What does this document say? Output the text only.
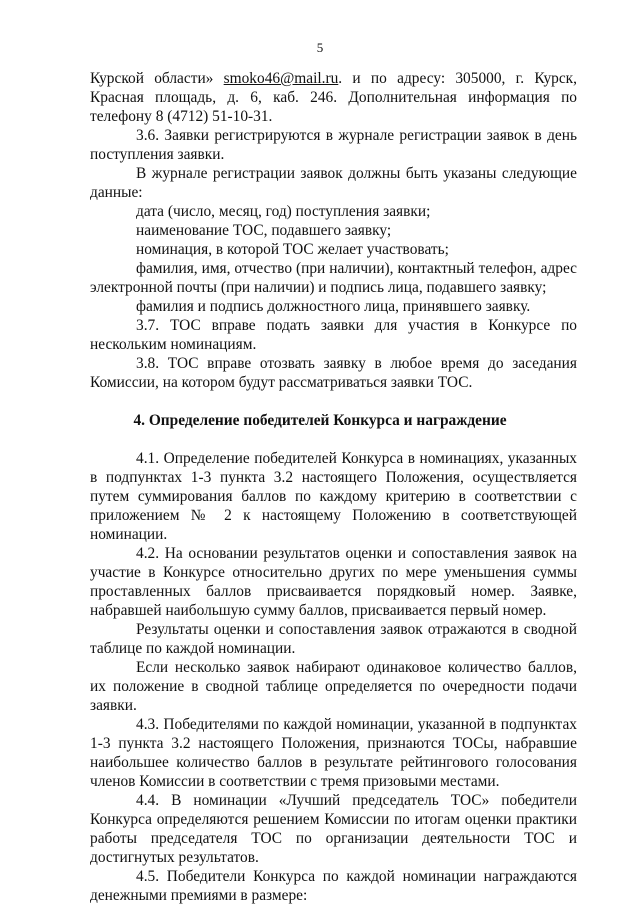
5
Курской области» smoko46@mail.ru. и по адресу: 305000, г. Курск,
Красная площадь, д. 6, каб. 246. Дополнительная информация по
телефону 8 (4712) 51-10-31.
3.6. Заявки регистрируются в журнале регистрации заявок в день
поступления заявки.
В журнале регистрации заявок должны быть указаны следующие
данные:
дата (число, месяц, год) поступления заявки;
наименование ТОС, подавшего заявку;
номинация, в которой ТОС желает участвовать;
фамилия, имя, отчество (при наличии), контактный телефон, адрес
электронной почты (при наличии) и подпись лица, подавшего заявку;
фамилия и подпись должностного лица, принявшего заявку.
3.7. ТОС вправе подать заявки для участия в Конкурсе по
нескольким номинациям.
3.8. ТОС вправе отозвать заявку в любое время до заседания
Комиссии, на котором будут рассматриваться заявки ТОС.
4. Определение победителей Конкурса и награждение
4.1. Определение победителей Конкурса в номинациях, указанных
в подпунктах 1-3 пункта 3.2 настоящего Положения, осуществляется
путем суммирования баллов по каждому критерию в соответствии с
приложением № 2 к настоящему Положению в соответствующей
номинации.
4.2. На основании результатов оценки и сопоставления заявок на
участие в Конкурсе относительно других по мере уменьшения суммы
проставленных баллов присваивается порядковый номер. Заявке,
набравшей наибольшую сумму баллов, присваивается первый номер.
Результаты оценки и сопоставления заявок отражаются в сводной
таблице по каждой номинации.
Если несколько заявок набирают одинаковое количество баллов,
их положение в сводной таблице определяется по очередности подачи
заявки.
4.3. Победителями по каждой номинации, указанной в подпунктах
1-3 пункта 3.2 настоящего Положения, признаются ТОСы, набравшие
наибольшее количество баллов в результате рейтингового голосования
членов Комиссии в соответствии с тремя призовыми местами.
4.4. В номинации «Лучший председатель ТОС» победители
Конкурса определяются решением Комиссии по итогам оценки практики
работы председателя ТОС по организации деятельности ТОС и
достигнутых результатов.
4.5. Победители Конкурса по каждой номинации награждаются
денежными премиями в размере:
